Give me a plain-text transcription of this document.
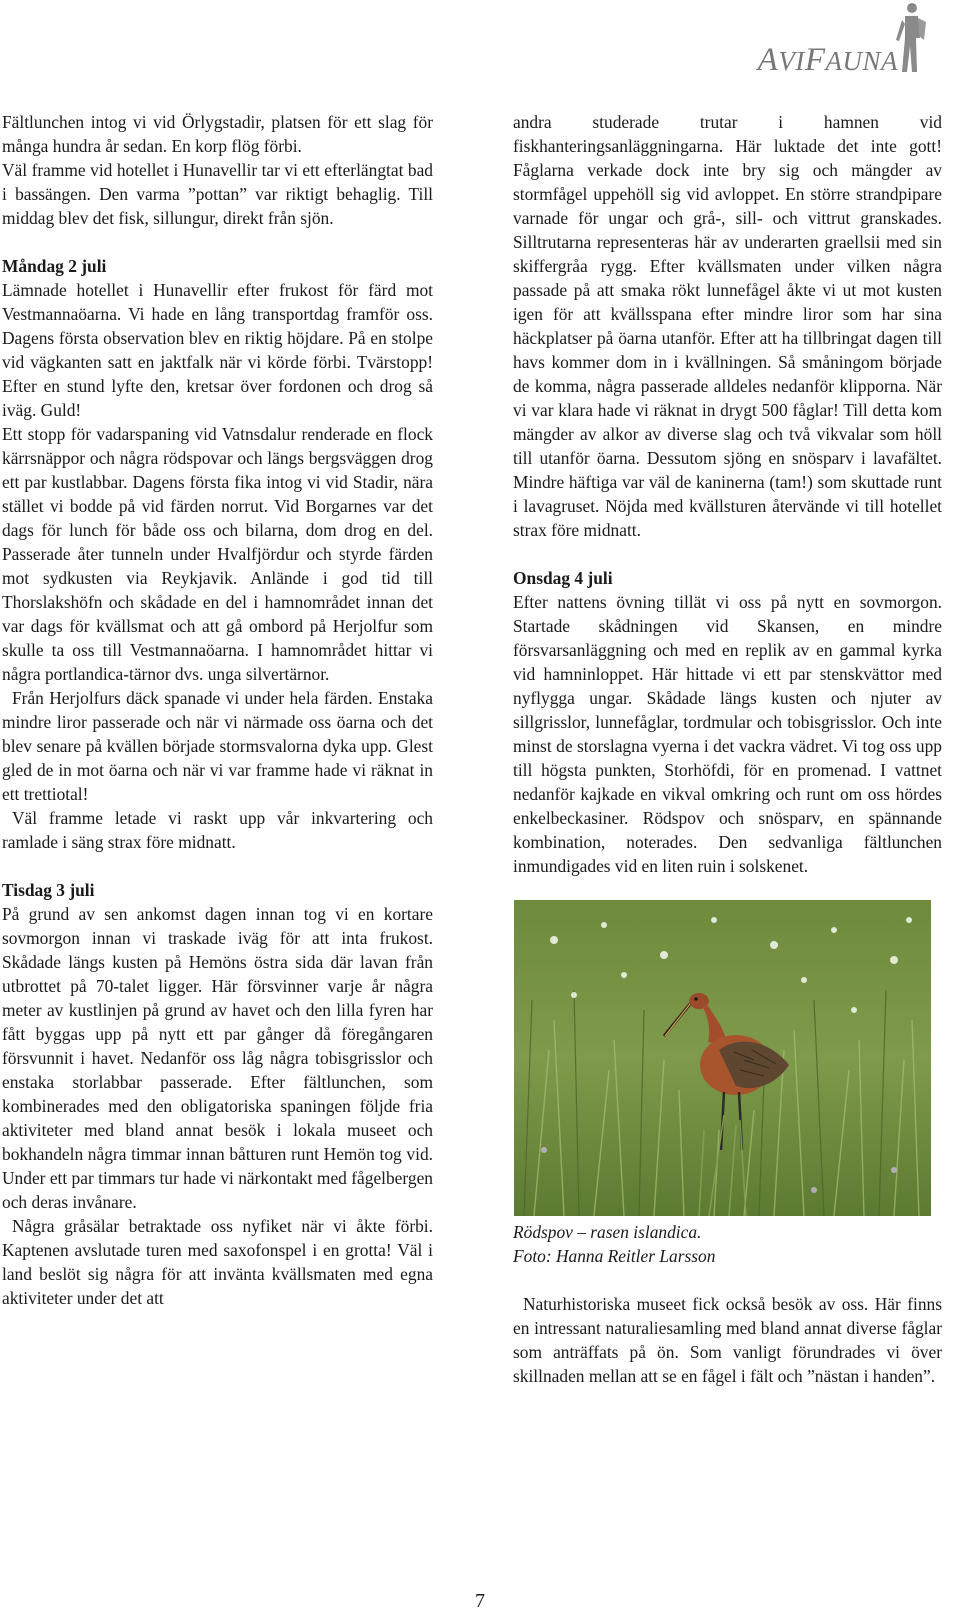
AVIFAUNA

Fältlunchen intog vi vid Örlygstadir, platsen för ett slag för många hundra år sedan. En korp flög förbi.

Väl framme vid hotellet i Hunavellir tar vi ett efterlängtat bad i bassängen. Den varma ”pottan” var riktigt behaglig. Till middag blev det fisk, sillungur, direkt från sjön.

Måndag 2 juli

Lämnade hotellet i Hunavellir efter frukost för färd mot Vestmannaöarna. Vi hade en lång transportdag framför oss. Dagens första observation blev en riktig höjdare. På en stolpe vid vägkanten satt en jaktfalk när vi körde förbi. Tvärstopp! Efter en stund lyfte den, kretsar över fordonen och drog så iväg. Guld!

Ett stopp för vadarspaning vid Vatnsdalur renderade en flock kärrsnäppor och några rödspovar och längs bergsväggen drog ett par kustlabbar. Dagens första fika intog vi vid Stadir, nära stället vi bodde på vid färden norrut. Vid Borgarnes var det dags för lunch för både oss och bilarna, dom drog en del. Passerade åter tunneln under Hvalfjördur och styrde färden mot sydkusten via Reykjavik. Anlände i god tid till Thorslakshöfn och skådade en del i hamnområdet innan det var dags för kvällsmat och att gå ombord på Herjolfur som skulle ta oss till Vestmannaöarna. I hamnområdet hittar vi några portlandica-tärnor dvs. unga silvertärnor.

Från Herjolfurs däck spanade vi under hela färden. Enstaka mindre liror passerade och när vi närmade oss öarna och det blev senare på kvällen började stormsvalorna dyka upp. Glest gled de in mot öarna och när vi var framme hade vi räknat in ett trettiotal!

Väl framme letade vi raskt upp vår inkvartering och ramlade i säng strax före midnatt.

Tisdag 3 juli

På grund av sen ankomst dagen innan tog vi en kortare sovmorgon innan vi traskade iväg för att inta frukost. Skådade längs kusten på Hemöns östra sida där lavan från utbrottet på 70-talet ligger. Här försvinner varje år några meter av kustlinjen på grund av havet och den lilla fyren har fått byggas upp på nytt ett par gånger då föregångaren försvunnit i havet. Nedanför oss låg några tobisgrisslor och enstaka storlabbar passerade. Efter fältlunchen, som kombinerades med den obligatoriska spaningen följde fria aktiviteter med bland annat besök i lokala museet och bokhandeln några timmar innan båtturen runt Hemön tog vid. Under ett par timmars tur hade vi närkontakt med fågelbergen och deras invånare.

Några gråsälar betraktade oss nyfiket när vi åkte förbi. Kaptenen avslutade turen med saxofonspel i en grotta! Väl i land beslöt sig några för att inväntа kvällsmaten med egna aktiviteter under det att

andra studerade trutar i hamnen vid fiskhanteringsanläggningarna. Här luktade det inte gott! Fåglarna verkade dock inte bry sig och mängder av stormfågel uppehöll sig vid avloppet. En större strandpipare varnade för ungar och grå-, sill- och vittrut granskades. Silltrutarna representeras här av underarten graellsii med sin skiffergråa rygg. Efter kvällsmaten under vilken några passade på att smaka rökt lunnefågel åkte vi ut mot kusten igen för att kvällsspana efter mindre liror som har sina häckplatser på öarna utanför. Efter att ha tillbringat dagen till havs kommer dom in i kvällningen. Så småningom började de komma, några passerade alldeles nedanför klipporna. När vi var klara hade vi räknat in drygt 500 fåglar! Till detta kom mängder av alkor av diverse slag och två vikvalar som höll till utanför öarna. Dessutom sjöng en snösparv i lavafältet. Mindre häftiga var väl de kaninerna (tam!) som skuttade runt i lavagruset. Nöjda med kvällsturen återvände vi till hotellet strax före midnatt.

Onsdag 4 juli

Efter nattens övning tillät vi oss på nytt en sovmorgon. Startade skådningen vid Skansen, en mindre försvarsanläggning och med en replik av en gammal kyrka vid hamninloppet. Här hittade vi ett par stenskvättor med nyflygga ungar. Skådade längs kusten och njuter av sillgrisslor, lunnefåglar, tordmular och tobisgrisslor. Och inte minst de storslagna vyerna i det vackra vädret. Vi tog oss upp till högsta punkten, Storhöfdi, för en promenad. I vattnet nedanför kajkade en vikval omkring och runt om oss hördes enkelbeckasiner. Rödspov och snösparv, en spännande kombination, noterades. Den sedvanliga fältlunchen inmundigades vid en liten ruin i solskenet.

Rödspov – rasen islandica.

Foto: Hanna Reitler Larsson

Naturhistoriska museet fick också besök av oss. Här finns en intressant naturaliesamling med bland annat diverse fåglar som anträffats på ön. Som vanligt förundrades vi över skillnaden mellan att se en fågel i fält och ”nästan i handen”.

7
